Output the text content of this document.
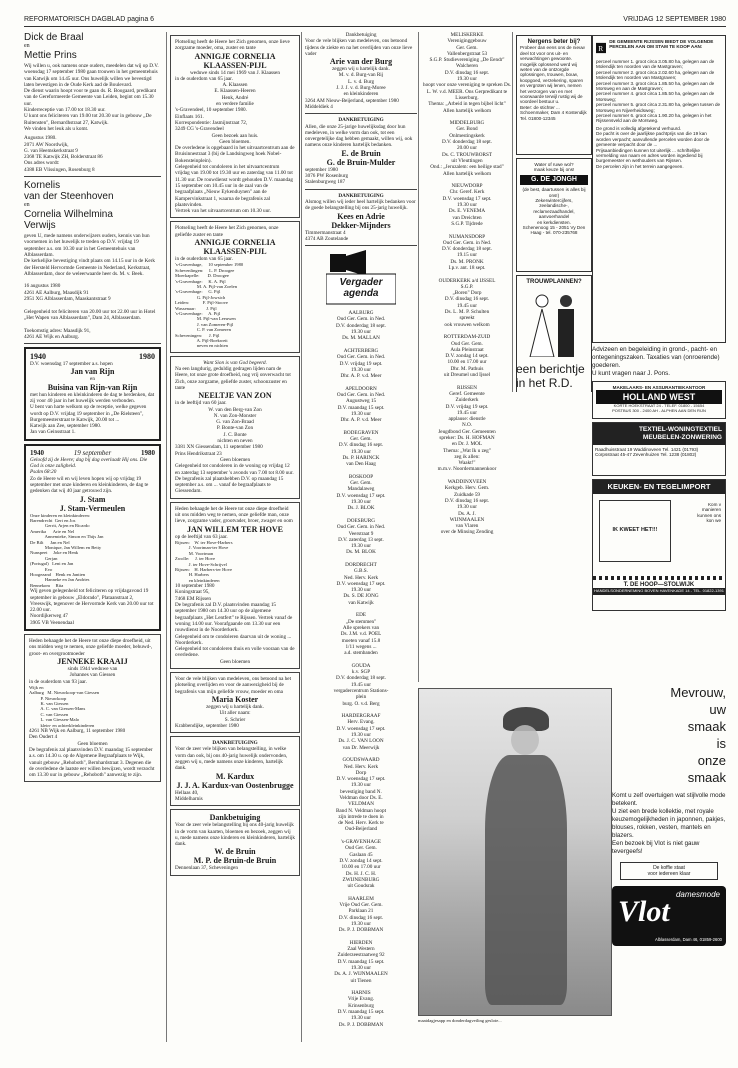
REFORMATORISCH DAGBLAD pagina 6	VRIJDAG 12 SEPTEMBER 1980
Dick de Braal
en
Mettie Prins
Wij willen u, ook namens onze ouders, meedelen dat wij op D.V. woensdag 17 september 1980 gaan trouwen in het gemeentehuis van Katwijk om 14.45 uur. Ons huwelijk willen we bevestigd laten bevestigen in de Oude Kerk aad de Boulevard.
De dienst waarin hoopt voor te gaan ds. R. Boogaard, predikant van de Gereformeerde Gemeente van Leiden, begint om 15.30 uur.
Kinderreceptie van 17.00 tot 18.30 uur.
U kunt ons feliciteren van 19.00 tot 20.30 uur in gebouw „De Ruitensten", Bernardhstraat 27, Katwijk.
We vinden het leuk als u komt.
Augustus 1980.
2071 AW Noordwijk,
G. van Heemskerkstraat 9
2368 TE Katwijk ZH, Bolderstraat 86
Ons adres wordt:
4388 EB Vlissingen, Rosenburg 8
Kornelis
van der Steenhoven
en
Cornelia Wilhelmina
Verwijs
geven U, mede namens onderwijzers ouders, kennis van hun voornemen in het huwelijk te treden op D.V. vrijdag 19 september a.s. om 10.30 uur in het Gemeentehuis van Alblasserdam.
De kerkelijke bevestiging vindt plaats om 14.15 uur in de Kerk der Hersteld Hervormde Gemeente in Nederland, Kerkstraat, Alblasserdam, door de weleerwaarde heer ds. M. v. Beek.

16 augustus 1980
4261 AE Aalburg, Maasdijk 91
2951 XG Alblasserdam, Maaskantstraat 9

Gelegenheid tot feliciteren van 20.00 uur tot 22.00 uur in Hotel „Het Wapen van Alblasserdam", Dam 24, Alblasserdam.

Toekomstig adres: Maasdijk 91,
4261 AE Wijk en Aalburg.
1940	1980
D.V. woensdag 17 september a.s. hopen
Jan van Rijn
en
Buisina van Rijn-van Rijn
met hun kinderen en kleinkinderen de dag te herdenken, dat zij voor 40 jaar in het huwelijk werden verbonden.
U bent van harte welkom op de receptie, welke gegeven wordt op D.V. vrijdag 19 september in „De Rielsteen", Burgemeesterstraat te Katwijk, 20.00 tot ...
Katwijk aan Zee, september 1980.
Jan van Geinsstraat 1.
1940	19 september	1980
Geloofd zij de Heere; dag bij dag overlaadt Hij ons. Die God is onze zaligheid.
Psalm 68:20
Zo de Heere wil en wij leven hopen wij op vrijdag 19 september met onze kinderen en kleinkinderen, de dag te gedenken dat wij 40 jaar getrouwd zijn.
J. Stam
J. Stam-Vermeulen
Onze kinderen en kleinkinderen:
Barendrecht  Gert en Jos
Gerrit, Arjen en Ricardo
Amerika      Arie en Nel
Annemieke, Simon en Thijs Jan
De Bilt      Jan en Nel
Monique, Jan Willem en Betty
Nunspeet     Joke en Henk
Gerjan
(Portugal)   Leni en Jan
Evo
Hoogezand    Henk en Jantien
Hanneke en Jan Andries
Bennekom     Rita
Wij geven gelegenheid tot feliciteren op vrijdagavond 19 september in gebouw „Eldorado", Plataanstraat 2, Vreeswijk, tegenover de Hervormde Kerk van 20.00 uur tot 22.00 uur.
Noordijkerweg 47
3905 VB Veenendaal
Heden behaagde het de Heere tot onze diepe droefheid, uit ons midden weg te nemen, onze geliefde moeder, behuwd-, groot- en overgrootmoeder
JENNEKE KRAAIJ
sinds 1944 weduwe van
Johannes van Giessen
in de ouderdom van 93 jaar.
Wijk en
Aalburg   M. Nieuwkoop-van Giessen
P. Nieuwkoop
K. van Giessen
A. C. van Giessen-Mans
C. van Giessen
L. van Giessen-Malo
klein- en achterkleinkinderen
4261 NB Wijk en Aalburg, 11 september 1980
Den Oudert 4
Geen bloemen
De begrafenis zal plaatsvinden D.V. maandag 15 september a.s. om 14.30 u. op de Algemene Begraafplaats te Wijk, vanuit gebouw „Rehoboth", Bernhardstraat 3. Degenen die de overledene de laatste eer willen bewijzen, wordt verzocht om 13.30 uur in gebouw „Rehoboth" aanwezig te zijn.
Plotseling heeft de Heere het Zich genomen, onze lieve zorgzame moeder, oma, zuster en tante
ANNIGJE CORNELIA
KLAASSEN-PIJL
weduwe sinds 14 mei 1969 van J. Klaassen
in de ouderdom van 65 jaar.
A. Klaassen
E. Klaassen-Heeren
Henk, André
en verdere familie
's-Gravendeel, 10 september 1980.
Einflaats 161.
Korrespondentie: Jasmijnstraat 72,
3249 CG 's-Gravendeel
Geen bezoek aan huis.
Geen bloemen.
De overledene is opgebaard in het uitvaartcentrum aan de Bruisinnestraat 3 (bij de Landsingweg hoek Nobel-Bokensteinplein).
Gelegenheid tot condoleren in het uitvaartcentrum vrijdag van 19.00 tot 19.30 uur en zaterdag van 11.00 tot 11.30 uur. De rouwdienst wordt gehouden D.V. maandag 15 september om 10.45 uur in de zaal van de begraafplaats „Nieuw Eykenduynen" aan de Kampervinkstraat 1, waarna de begrafenis zal plaatsvinden.
Vertrek van het uitvaartcentrum om 10.30 uur.
Plotseling heeft de Heere het Zich genomen, onze geliefde zuster en tante
ANNIGJE CORNELIA
KLAASSEN-PIJL
in de ouderdom van 65 jaar.
's-Gravenhage,     10 september 1980
Schevenlingen:     L. P. Droogee
Moerkapelle:       D. Droogee
's-Gravenhage:     K. A. Pijl
M. A. Pijl-van Zoelen
's-Gravenhage:     G. Pijl
G. Pijl-Jowsich
Leiden:            F. Pijl-Stoove
Wassenaar:         J. Pijl
's-Gravenhage:     A. Pijl
M. Pijl-van Leeuwen
J. van Zomeren-Pijl
C. P. van Zomeren
Scheveningen:      J. Pijl
A. Pijl-Boekweit
neven en nichten
Want Sion is van God begeerd.
Na een langdurig, geduldig gedragen lijden nam de Heere, tot onze grote droefheid, nog vrij onverwacht tot Zich, onze zorgzame, geliefde zuster, schoonzuster en tante
NEELTJE VAN ZON
in de leeftijd van 60 jaar.
W. van den Berg-van Zon
N. van Zon-Monster
G. van Zon-Braad
P. Bonte-van Zon
J. C. Bonte
nichten en neven
3381 XN Giessendam, 11 september 1980
Prins Hendrikstraat 23
Geen bloemen
Gelegenheid tot condoleren in de woning op vrijdag 12 en zaterdag 13 september 's avonds van 7.00 tot 8.00 uur.
De begrafenis zal plaatshebben D.V. op maandag 15 september a.s. om ... vanaf de begraafplaats te Giessendam.
Heden behaagde het de Heere tot onze diepe droefheid uit ons midden weg te nemen, onze geliefde man, onze lieve, zorgzame vader, grootvader, broer, zwager en oom
JAN WILLEM TER HOVE
op de leeftijd van 63 jaar.
Rijssen:    W. ter Hove-Harbers
J. Voortman-ter Hove
M. Voortman
Zwolle:     J. ter Hove
J. ter Hove-Schrijvel
Rijssen:    H. Harbers-ter Hove
H. Harbers
en kleinkinderen
10 september 1980
Koningstraat 95,
7468 EM Rijssen
De begrafenis zal D.V. plaatsvinden maandag 15 september 1980 om 14.30 uur op de algemene begraafplaats „Het Lentfert" te Rijssen. Vertrek vanaf de woning 14.00 uur. Voorafgaande om 13.30 uur een rouwdienst in de Noorderkerk.
Gelegenheid om te condoleren daarvan uit de woning ... Noorderkerk.
Gelegenheid tot condoleren thuis en volle vooraan van de overledene.
Geen bloemen
Voor de vele blijken van medeleven, ons betoond na het plotseling overlijden en voor de aanwezigheid bij de begrafenis van mijn geliefde vrouw, moeder en oma
Maria Koster
zeggen wij u hartelijk dank.
Uit aller naam:
S. Schrier
Krabbendijke, september 1980
DANKBETUIGING
Voor de zeer vele blijken van belangstelling, in welke vorm dan ook, bij ons 40-jarig huwelijk ondervonden, zeggen wij u, mede namens onze kinderen, hartelijk dank.
M. Kardux
J. J. A. Kardux-van Oostenbrugge
Hellaas 40,
Middelharnis
Dankbetuiging
Voor de zeer vele belangstelling bij ons 40-jarig huwelijk in de vorm van kaarten, bloemen en bezoek, zeggen wij u, mede namens onze kinderen en kleinkinderen, hartelijk dank.
W. de Bruin
M. P. de Bruin-de Bruin
Dennenlaan 37, Scheveningen
Dankbetuiging
Voor de vele blijken van medeleven, ons betoond tijdens de ziekte en na het overlijden van onze lieve vader
Arie van der Burg
zeggen wij u hartelijk dank.
M. v. d. Burg-van Rij
L. v. d. Burg
J. J. J. v. d. Burg-Moree
en kleinkinderen
3264 AM Nieuw-Beijerland, september 1980
Middeldiek 4
DANKBETUIGING
Allen, die onze 25-jarige huwelijksdag door hun medeleven, in welke vorm dan ook, tot een onvergetelijke dag hebben gemaakt, willen wij, ook namens onze kinderen hartelijk bedanken.
E. de Bruin
G. de Bruin-Mulder
september 1980
3076 PW Rosenburg
Stalenburgweg 187
DANKBETUIGING
Alsmog willen wij ieder heel hartelijk bedanken voor de goede belangstelling bij ons 25-jarig huwelijk.
Kees en Adrie
Dekker-Mijnders
Timmermanstraat 4
4374 AB Zoutelande
Vergader
agenda
AALBURG
Oud Ger. Gem. in Ned.
D.V. donderdag 18 sept.
19.30 uur
Ds. M. MALLAN

ACHTERBERG
Oud Ger. Gem. in Ned.
D.V. vrijdag 19 sept.
19.30 uur
Dhr. A. P. v.d. Meer

APELDOORN
Oud Ger. Gem. in Ned.
Augustweg 15
D.V. maandag 15 sept.
19.30 uur
Dhr. A. P. v.d. Meer

BODEGRAVEN
Ger. Gem.
D.V. dinsdag 16 sept.
19.30 uur
Ds. P. HARINCK
van Den Haag

BOSKOOP
Ger. Gem.
Mandalaweg
D.V. woensdag 17 sept.
19.30 uur
Ds. J. BLOK

DOESBURG
Oud Ger. Gem. in Ned.
Veerstraat 9
D.V. zaterdag 13 sept.
19.30 uur
Ds. M. BLOK

DORDRECHT
G.B.S.
Ned. Herv. Kerk
D.V. woensdag 17 sept.
19.30 uur
Ds. S. DE JONG
van Katwijk

EDE
„De stemmen"
Alle sprekers van
Ds. J.M. v.d. POEL
moeten vanaf 15.8
1/11 wegens ...
a.d. stembanden

GOUDA
k.v. SGP
D.V. donderdag 18 sept.
19.45 uur
vergadercentrum Stations-
plein
burg. O. v.d. Berg

HARDERGRAAF
Herv. Evang.
D.V. woensdag 17 sept.
19.30 uur
Ds. J. C. VAN LOON
van Dr. Meerwijk

GOUDSWAARD
Ned. Herv. Kerk
Dorp
D.V. woensdag 17 sept.
19.30 uur
bevestiging band N.
Veldman door Ds. E.
VELDMAN
Band N. Veldman hoopt
zijn intrede te doen in
de Ned. Herv. Kerk te
Oud-Beijerland

's-GRAVENHAGE
Oud Ger. Gem.
Gaslaan 45
D.V. zondag 14 sept.
10.00 en 17.00 uur
Ds. H. J. C. H.
ZWIJNENBURG
uit Goudsrak

HAARLEM
Vrije Oud Ger. Gem.
Parklaan 21
D.V. dinsdag 16 sept.
19.30 uur
Ds. P. J. DOBBMAN

HIERDEN
Zaal Western
Zuiderzeestraatweg 92
D.V. maandag 15 sept.
19.30 uur
Ds. A. J. WIJNMAALEN
uit Tienen

HARNIS
Vrije Evang.
Krinsenburg
D.V. maandag 15 sept.
19.30 uur
Ds. P. J. DOBBMAN
MELISKERKE
Vereniginggebouw
Ger. Gem.
Vallenbergstraat 53
S.G.P. Studievereniging „De Eendr"
Walcheren
D.V. dinsdag 16 sept.
19.30 uur
hoopt voor onze vereniging te spreken Ds. L. W. v.d. MEER. Ons Gerpredikant te Lisserburg.
Thema: „Arbeid in tegen bijbel licht"
Allen hartelijk welkom

MIDDELBURG
Ger. Bond
Onlmestingskerk
D.V. donderdag 18 sept.
20.00 uur
Ds. C. TROUWBORST
uit Vleuttingen
Ond.: „Jeruzalem: een heilige stad"
Allen hartelijk welkom

NIEUWDORP
Chr. Geref. Kerk
D.V. woensdag 17 sept.
19.30 uur
Ds. E. VENEMA
van Dreichten
S.G.P. Tijdrede

NUMANSDORP
Oud Ger. Gem. in Ned.
D.V. donderdag 18 sept.
19.15 uur
Ds. M. PRONK
I.p.v. ant. 18 sept.

OUDERKERK a/d IJSSEL
S.G.P.
„Boren" Dorp
D.V. dinsdag 16 sept.
19.45 uur
Ds. L. M. P. Schulten
spreekt
ook vrouwen welkom

ROTTERDAM-ZUID
Oud Ger. Gem.
Aula Pleinstraat
D.V. zondag 14 sept.
10.00 en 17.00 uur
Dhr. M. Pathuis
uit Dreumel und Ijssel

RIJSSEN
Geref. Gemeente
Zuiderkerk
D.V. vrijdag 19 sept.
19.45 uur
applause: dienstle
N.O.
Jeugdbond Ger. Gemeenten
spreker: Ds. H. HOFMAN
en Dr. J. MOL
Thema: „Wat Ik u zeg"
zeg ik allen:
Waakt!"
m.m.v. Noordermannenkoor

WADDINXVEEN
Kerkgeb. Herv. Gem.
Zuidkade 59
D.V. dinsdag 16 sept.
19.30 uur
Ds. A. J.
WIJNMAALEN
van Vlaren
over de Minsing Zending
Nergens beter bij?
Probeer dan eens ons de nieuw deel tot voor ons uit- en verwachtingen gewoonte. mogelijk oplossend werd wij weten van de ontzorgde oplossingen, trouwen, bouw, koopgoed, verzekering, sparen en vergroten wij lenen, nemen het verzorgen van en met voorwaarde terwijl rustig wij de voordeel bestuur u.
Beter: de stichter ...
Schoenmaker, Dam 4 Kostendijk Tel. 01800-12345
Water of ruwe wol?
maak keuze bij ons!
G. DE JONGH
(de best, daartussen is alles bij ons!)
Zekerwintercijfers, zeelandische-, reclamezaadhandel, aanvoerhandel
en kerkdiensten.
Schenenoog 15 - 2051 Vy Den Haag - tel. 070-235768
TROUWPLANNEN?
een berichtje
in het R.D.
R
DE GEMEENTE RIJSSEN BIEDT DE VOLGENDE PERCELEN AAN OM STAM TE KOOP AAN:
perceel nummer 1. groot circa 3.05.80 ha, gelegen aan de Molendijk ten noorden van de Mastgraven;
perceel nummer 2. groot circa 2.02.60 ha, gelegen aan de Molendijk ten noorden van Mastgraven;
perceel nummer 3. groot circa 1.85.50 ha, gelegen aan de Morsweg en aan de Mastgraven;
perceel nummer 4. groot circa 1.85.50 ha, gelegen aan de Morsweg;
perceel nummer 5. groot circa 2.31.80 ha, gelegen tussen de Morsweg en Nijverheidsweg;
perceel nummer 6. groot circa 1.90.20 ha, gelegen in het Rijssensveld aan de Morsweg.
De grond is volledig afgetekend verhuurd.
De pacht is over de jaarlijkse pachtprijs van die 19 kan worden verpacht; aanvullende percelen worden door de gemeente verpacht door de ...
Prijsaanbiedingen kunnen tot uiterlijk ... schriftelijke vermelding van naam en adres worden ingediend bij burgemeester en wethouders van Rijssen.
De percelen zijn in het terrein aangegeven.
Advizeen en begeleiding in grond-, pacht- en ontegeningszaken. Taxaties van (onroerende) goederen.
U kunt vragen naar J. Pons.
MAKELAARS- EN ASSURANTIEKANTOOR
HOLLAND WEST
KORTE HOEKSTRAAT 24 - TELEF. 01800 - 15654
POSTBUS 300 - 2400 AH - ALPHEN AAN DEN RIJN
TEXTIEL-WONINGTEXTIEL
MEUBELEN-ZONWERING
Raadhuisstraat 19 Waddinxveen Tel. 1421 (01793)
Corpsstraat 45-47 Zevenhuizen Tel. 1238 (01802)
KEUKEN- EN TEGELIMPORT
IK KWEET HET!!!
Kom v
manieren
kunnen ons
kon we
T. DE HOOP—STOLWIJK
HANDELSONDERNEMING BOVEN HAVENKADE 14 - TEL. 01822-1391
maatdagjesapp en donderdagveiling geslote...
Mevrouw,
uw
smaak
is
onze
smaak
Komt u zelf overtuigen wat stijlvolle mode betekent.
U ziet een brede kollektie, met royale keuzemogelijkheden in japonnen, pakjes, blouses, rokken, vesten, mantels en blazers.
Een bezoek bij Vlot is niet gauw tevergeefs!
De koffie staat
voor iedereen klaar
Vlot
damesmode
Alblasserdam, Dam 46, 01859-2600
